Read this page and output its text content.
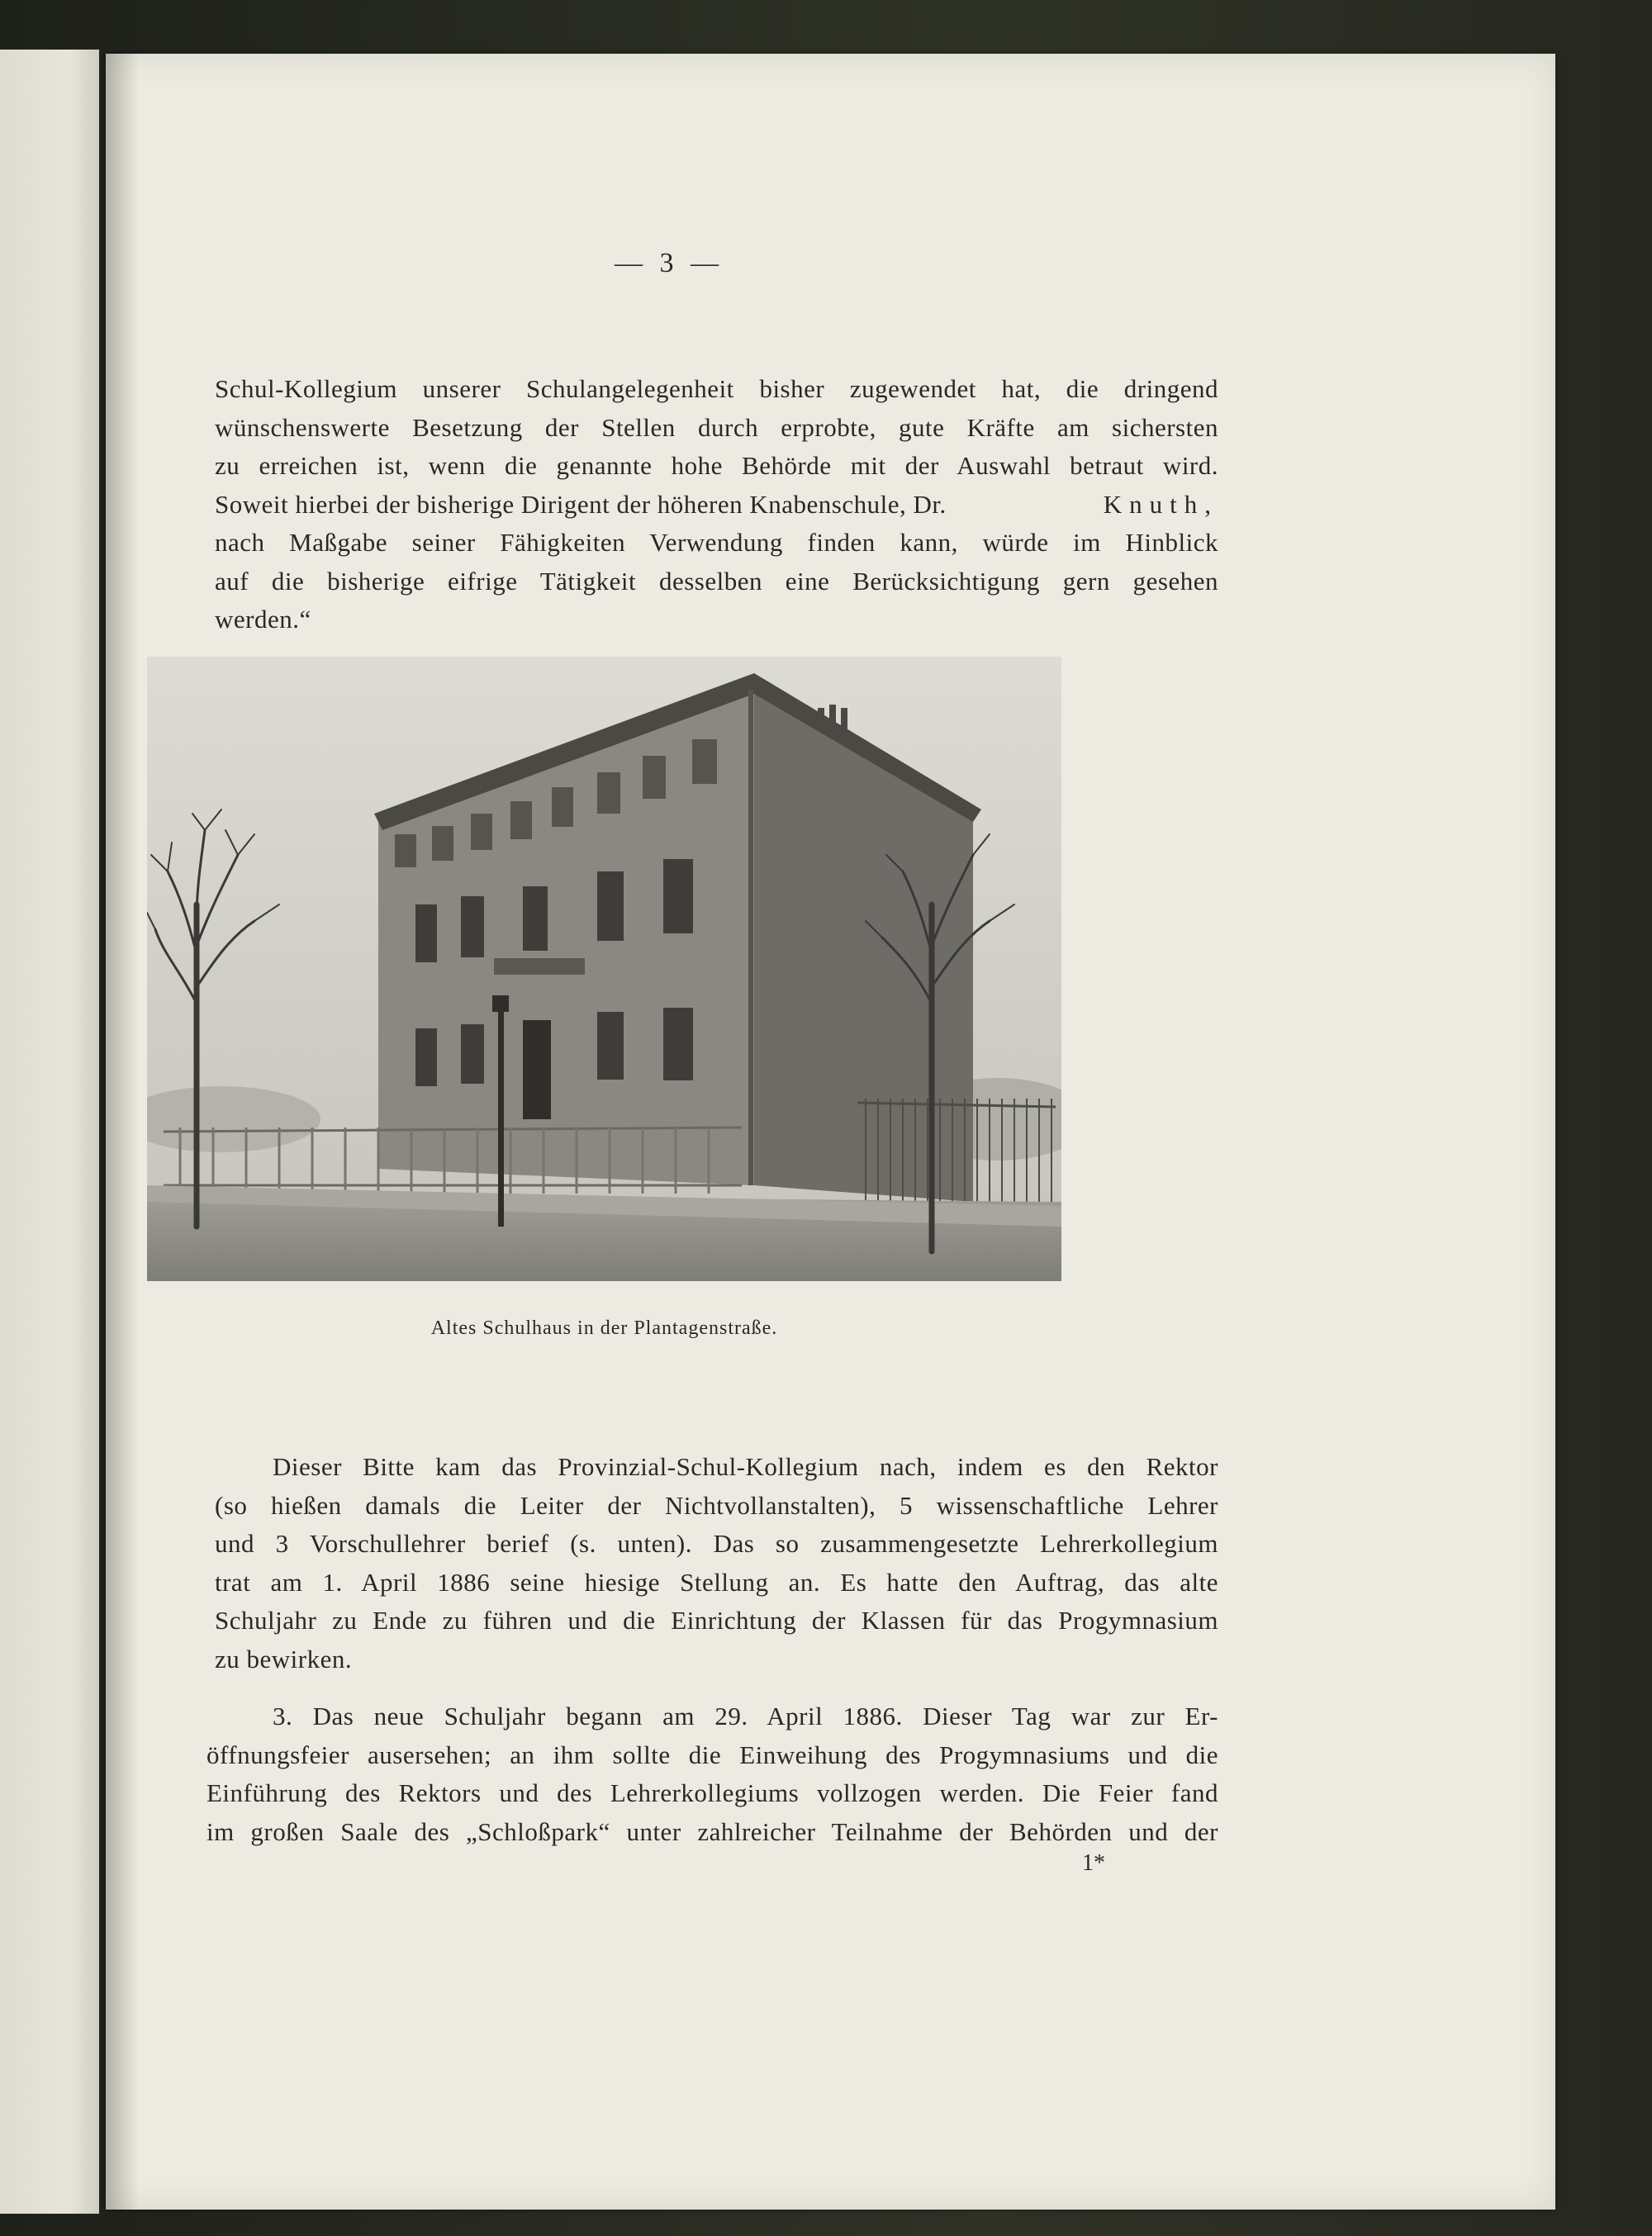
— 3 —
Schul-Kollegium unserer Schulangelegenheit bisher zugewendet hat, die dringend
wünschenswerte Besetzung der Stellen durch erprobte, gute Kräfte am sichersten
zu erreichen ist, wenn die genannte hohe Behörde mit der Auswahl betraut wird.
Soweit hierbei der bisherige Dirigent der höheren Knabenschule, Dr.	Knuth,
nach Maßgabe seiner Fähigkeiten Verwendung finden kann, würde im Hinblick
auf die bisherige eifrige Tätigkeit desselben eine Berücksichtigung gern gesehen
werden.“
Altes Schulhaus in der Plantagenstraße.
Dieser Bitte kam das Provinzial-Schul-Kollegium nach, indem es den Rektor
(so hießen damals die Leiter der Nichtvollanstalten), 5 wissenschaftliche Lehrer
und 3 Vorschullehrer berief (s. unten). Das so zusammengesetzte Lehrerkollegium
trat am 1. April 1886 seine hiesige Stellung an. Es hatte den Auftrag, das alte
Schuljahr zu Ende zu führen und die Einrichtung der Klassen für das Progymnasium
zu bewirken.
3. Das neue Schuljahr begann am 29. April 1886. Dieser Tag war zur Er-
öffnungsfeier ausersehen; an ihm sollte die Einweihung des Progymnasiums und die
Einführung des Rektors und des Lehrerkollegiums vollzogen werden. Die Feier fand
im großen Saale des „Schloßpark“ unter zahlreicher Teilnahme der Behörden und der
1*
